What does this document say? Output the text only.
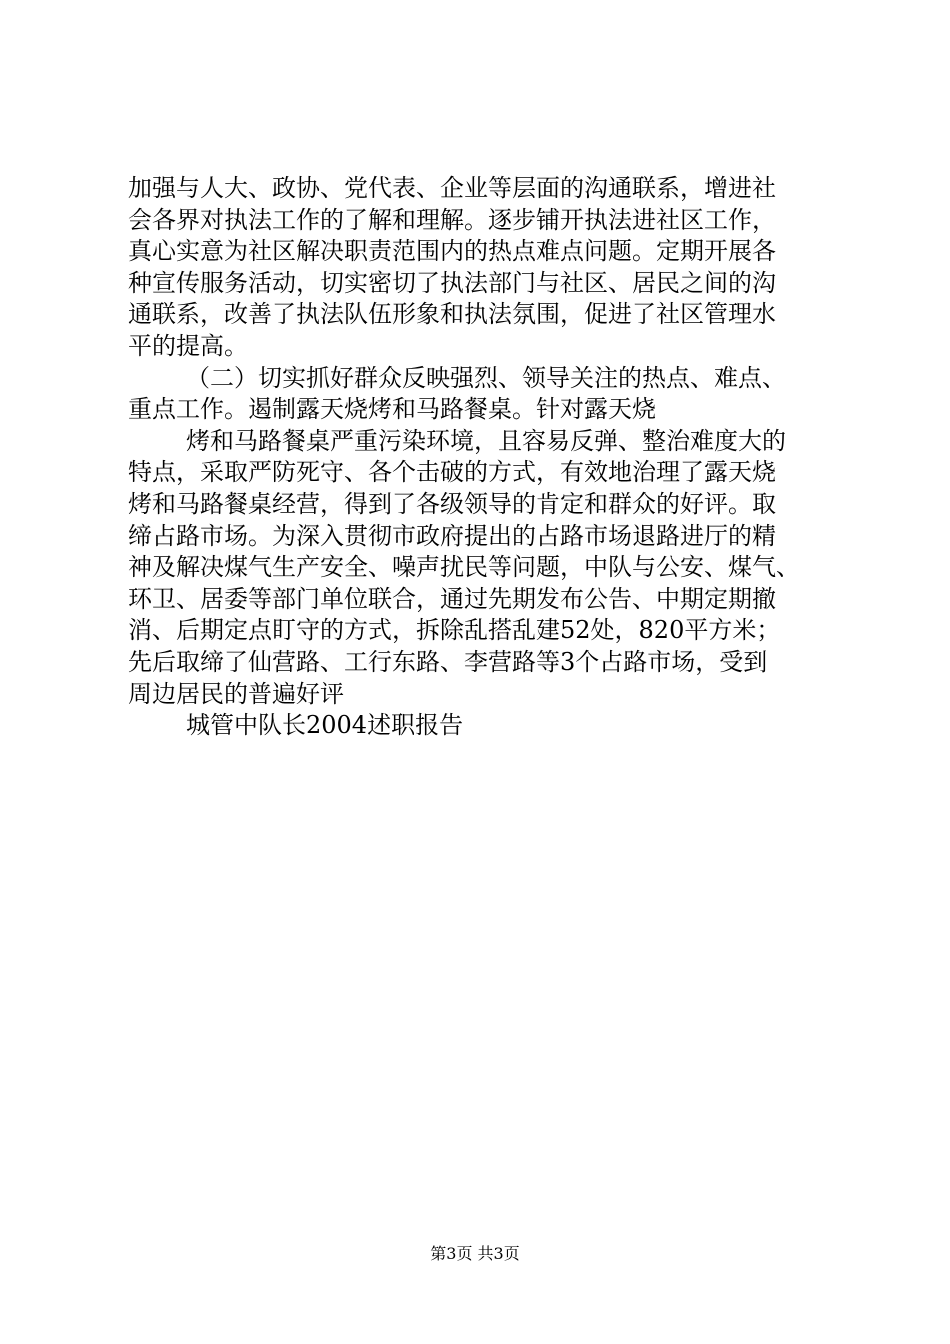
加强与人大、政协、党代表、企业等层面的沟通联系，增进社
会各界对执法工作的了解和理解。逐步铺开执法进社区工作，
真心实意为社区解决职责范围内的热点难点问题。定期开展各
种宣传服务活动，切实密切了执法部门与社区、居民之间的沟
通联系，改善了执法队伍形象和执法氛围，促进了社区管理水
平的提高。
（二）切实抓好群众反映强烈、领导关注的热点、难点、
重点工作。遏制露天烧烤和马路餐桌。针对露天烧
烤和马路餐桌严重污染环境，且容易反弹、整治难度大的
特点，采取严防死守、各个击破的方式，有效地治理了露天烧
烤和马路餐桌经营，得到了各级领导的肯定和群众的好评。取
缔占路市场。为深入贯彻市政府提出的占路市场退路进厅的精
神及解决煤气生产安全、噪声扰民等问题，中队与公安、煤气、
环卫、居委等部门单位联合，通过先期发布公告、中期定期撤
消、后期定点盯守的方式，拆除乱搭乱建52处，820平方米；
先后取缔了仙营路、工行东路、李营路等3个占路市场，受到
周边居民的普遍好评
城管中队长2004述职报告
第3页 共3页
